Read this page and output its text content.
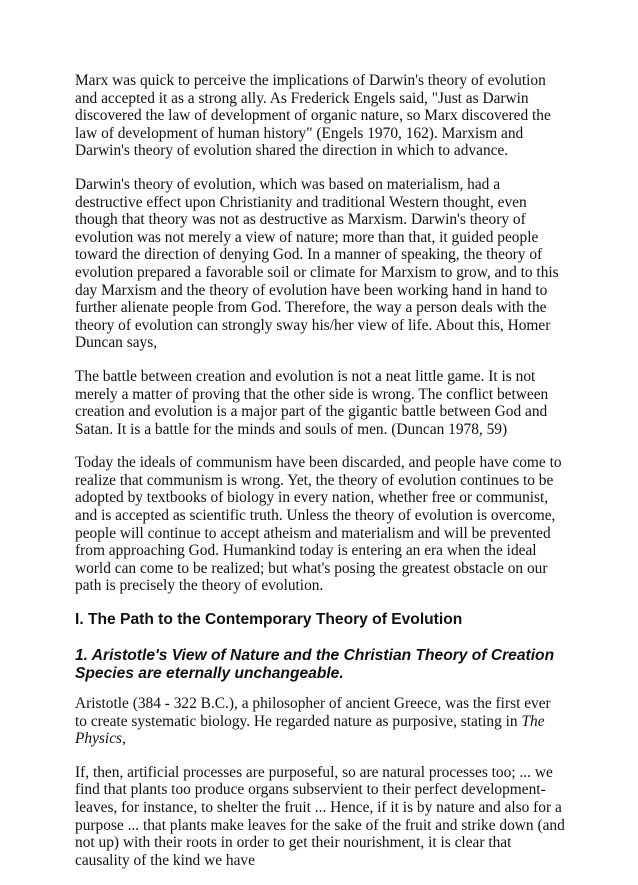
Marx was quick to perceive the implications of Darwin's theory of evolution and accepted it as a strong ally. As Frederick Engels said, "Just as Darwin discovered the law of development of organic nature, so Marx discovered the law of development of human history" (Engels 1970, 162). Marxism and Darwin's theory of evolution shared the direction in which to advance.

Darwin's theory of evolution, which was based on materialism, had a destructive effect upon Christianity and traditional Western thought, even though that theory was not as destructive as Marxism. Darwin's theory of evolution was not merely a view of nature; more than that, it guided people toward the direction of denying God. In a manner of speaking, the theory of evolution prepared a favorable soil or climate for Marxism to grow, and to this day Marxism and the theory of evolution have been working hand in hand to further alienate people from God. Therefore, the way a person deals with the theory of evolution can strongly sway his/her view of life. About this, Homer Duncan says,

The battle between creation and evolution is not a neat little game. It is not merely a matter of proving that the other side is wrong. The conflict between creation and evolution is a major part of the gigantic battle between God and Satan. It is a battle for the minds and souls of men. (Duncan 1978, 59)

Today the ideals of communism have been discarded, and people have come to realize that communism is wrong. Yet, the theory of evolution continues to be adopted by textbooks of biology in every nation, whether free or communist, and is accepted as scientific truth. Unless the theory of evolution is overcome, people will continue to accept atheism and materialism and will be prevented from approaching God. Humankind today is entering an era when the ideal world can come to be realized; but what's posing the greatest obstacle on our path is precisely the theory of evolution.

I. The Path to the Contemporary Theory of Evolution
1. Aristotle's View of Nature and the Christian Theory of Creation Species are eternally unchangeable.

Aristotle (384 - 322 B.C.), a philosopher of ancient Greece, was the first ever to create systematic biology. He regarded nature as purposive, stating in The Physics,

If, then, artificial processes are purposeful, so are natural processes too; ... we find that plants too produce organs subservient to their perfect development-leaves, for instance, to shelter the fruit ... Hence, if it is by nature and also for a purpose ... that plants make leaves for the sake of the fruit and strike down (and not up) with their roots in order to get their nourishment, it is clear that causality of the kind we have
